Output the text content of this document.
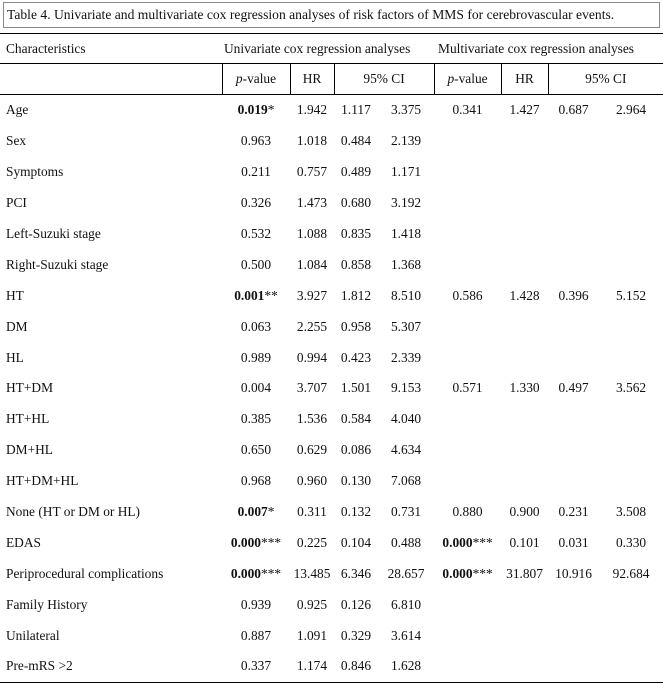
Table 4. Univariate and multivariate cox regression analyses of risk factors of MMS for cerebrovascular events.
Characteristics	Univariate cox regression analyses				Multivariate cox regression analyses			
	p-value	HR	95% CI		p-value	HR	95% CI	
Age	0.019*	1.942	1.117	3.375	0.341	1.427	0.687	2.964
Sex	0.963	1.018	0.484	2.139				
Symptoms	0.211	0.757	0.489	1.171				
PCI	0.326	1.473	0.680	3.192				
Left-Suzuki stage	0.532	1.088	0.835	1.418				
Right-Suzuki stage	0.500	1.084	0.858	1.368				
HT	0.001**	3.927	1.812	8.510	0.586	1.428	0.396	5.152
DM	0.063	2.255	0.958	5.307				
HL	0.989	0.994	0.423	2.339				
HT+DM	0.004	3.707	1.501	9.153	0.571	1.330	0.497	3.562
HT+HL	0.385	1.536	0.584	4.040				
DM+HL	0.650	0.629	0.086	4.634				
HT+DM+HL	0.968	0.960	0.130	7.068				
None (HT or DM or HL)	0.007*	0.311	0.132	0.731	0.880	0.900	0.231	3.508
EDAS	0.000***	0.225	0.104	0.488	0.000***	0.101	0.031	0.330
Periprocedural complications	0.000***	13.485	6.346	28.657	0.000***	31.807	10.916	92.684
Family History	0.939	0.925	0.126	6.810				
Unilateral	0.887	1.091	0.329	3.614				
Pre-mRS >2	0.337	1.174	0.846	1.628				
